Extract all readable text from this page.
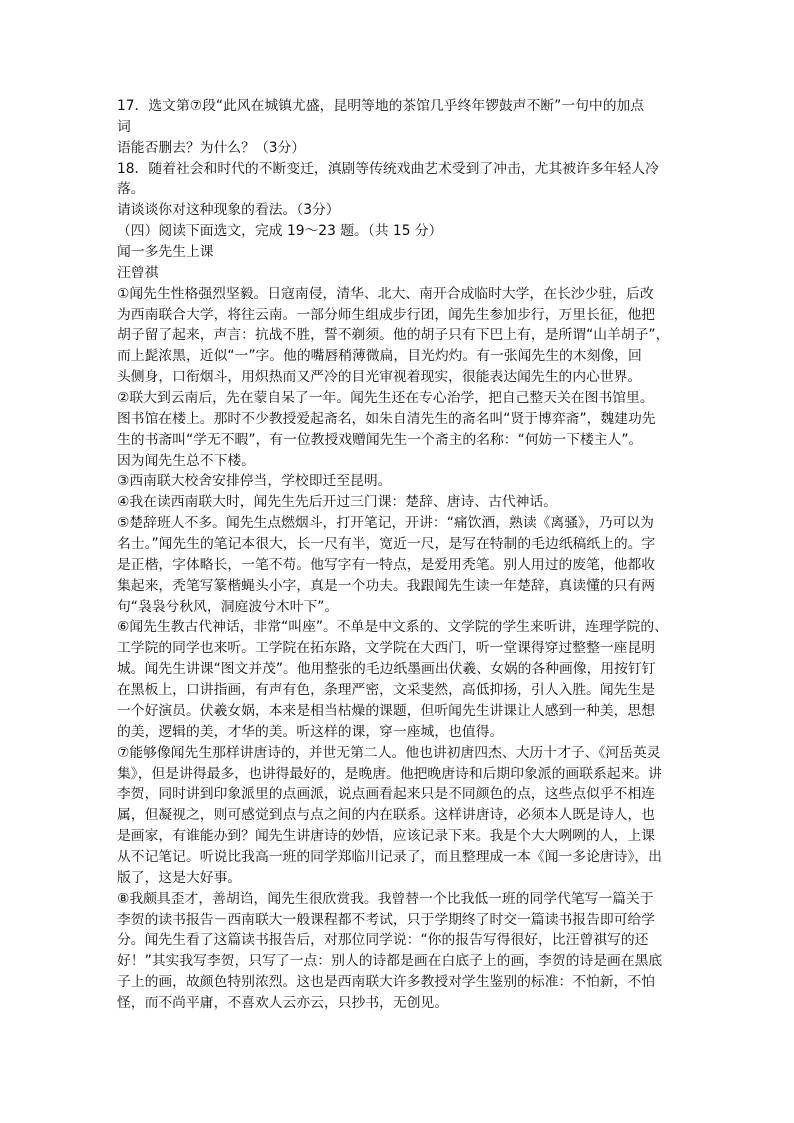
17．选文第⑦段“此风在城镇尤盛，昆明等地的茶馆几乎终年锣鼓声不断”一句中的加点
词
语能否删去？为什么？（3分）
18．随着社会和时代的不断变迁，滇剧等传统戏曲艺术受到了冲击，尤其被许多年轻人冷
落。
请谈谈你对这种现象的看法。（3分）
（四）阅读下面选文，完成 19～23 题。（共 15 分）
闻一多先生上课
汪曾祺
①闻先生性格强烈坚毅。日寇南侵，清华、北大、南开合成临时大学，在长沙少驻，后改
为西南联合大学，将往云南。一部分师生组成步行团，闻先生参加步行，万里长征，他把
胡子留了起来，声言：抗战不胜，誓不剃须。他的胡子只有下巴上有，是所谓“山羊胡子”，
而上髭浓黑，近似“一”字。他的嘴唇稍薄微扁，目光灼灼。有一张闻先生的木刻像，回
头侧身，口衔烟斗，用炽热而又严冷的目光审视着现实，很能表达闻先生的内心世界。
②联大到云南后，先在蒙自呆了一年。闻先生还在专心治学，把自己整天关在图书馆里。
图书馆在楼上。那时不少教授爱起斋名，如朱自清先生的斋名叫“贤于博弈斋”，魏建功先
生的书斋叫“学无不暇”，有一位教授戏赠闻先生一个斋主的名称：“何妨一下楼主人”。
因为闻先生总不下楼。
③西南联大校舍安排停当，学校即迁至昆明。
④我在读西南联大时，闻先生先后开过三门课：楚辞、唐诗、古代神话。
⑤楚辞班人不多。闻先生点燃烟斗，打开笔记，开讲：“痛饮酒，熟读《离骚》，乃可以为
名士。”闻先生的笔记本很大，长一尺有半，宽近一尺，是写在特制的毛边纸稿纸上的。字
是正楷，字体略长，一笔不苟。他写字有一特点，是爱用秃笔。别人用过的废笔，他都收
集起来，秃笔写篆楷蝇头小字，真是一个功夫。我跟闻先生读一年楚辞，真读懂的只有两
句“袅袅兮秋风，洞庭波兮木叶下”。
⑥闻先生教古代神话，非常“叫座”。不单是中文系的、文学院的学生来听讲，连理学院的、
工学院的同学也来听。工学院在拓东路，文学院在大西门，听一堂课得穿过整整一座昆明
城。闻先生讲课“图文并茂”。他用整张的毛边纸墨画出伏羲、女娲的各种画像，用按钉钉
在黑板上，口讲指画，有声有色，条理严密，文采斐然，高低抑扬，引人入胜。闻先生是
一个好演员。伏羲女娲，本来是相当枯燥的课题，但听闻先生讲课让人感到一种美，思想
的美，逻辑的美，才华的美。听这样的课，穿一座城，也值得。
⑦能够像闻先生那样讲唐诗的，并世无第二人。他也讲初唐四杰、大历十才子、《河岳英灵
集》，但是讲得最多，也讲得最好的，是晚唐。他把晚唐诗和后期印象派的画联系起来。讲
李贺，同时讲到印象派里的点画派，说点画看起来只是不同颜色的点，这些点似乎不相连
属，但凝视之，则可感觉到点与点之间的内在联系。这样讲唐诗，必须本人既是诗人，也
是画家，有谁能办到？闻先生讲唐诗的妙悟，应该记录下来。我是个大大咧咧的人，上课
从不记笔记。听说比我高一班的同学郑临川记录了，而且整理成一本《闻一多论唐诗》，出
版了，这是大好事。
⑧我颇具歪才，善胡诌，闻先生很欣赏我。我曾替一个比我低一班的同学代笔写一篇关于
李贺的读书报告－西南联大一般课程都不考试，只于学期终了时交一篇读书报告即可给学
分。闻先生看了这篇读书报告后，对那位同学说：“你的报告写得很好，比汪曾祺写的还
好！”其实我写李贺，只写了一点：别人的诗都是画在白底子上的画，李贺的诗是画在黑底
子上的画，故颜色特别浓烈。这也是西南联大许多教授对学生鉴别的标准：不怕新，不怕
怪，而不尚平庸，不喜欢人云亦云，只抄书，无创见。
